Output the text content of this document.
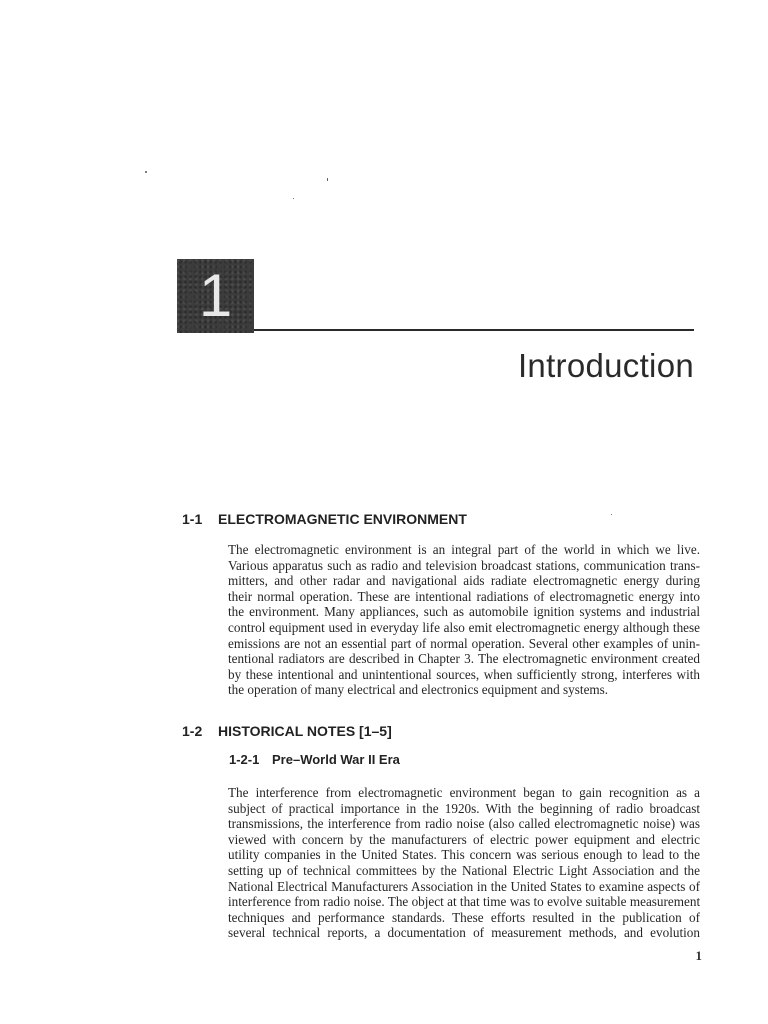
1
Introduction
1-1 ELECTROMAGNETIC ENVIRONMENT
The electromagnetic environment is an integral part of the world in which we live.
Various apparatus such as radio and television broadcast stations, communication trans-
mitters, and other radar and navigational aids radiate electromagnetic energy during
their normal operation. These are intentional radiations of electromagnetic energy into
the environment. Many appliances, such as automobile ignition systems and industrial
control equipment used in everyday life also emit electromagnetic energy although these
emissions are not an essential part of normal operation. Several other examples of unin-
tentional radiators are described in Chapter 3. The electromagnetic environment created
by these intentional and unintentional sources, when sufficiently strong, interferes with
the operation of many electrical and electronics equipment and systems.
1-2 HISTORICAL NOTES [1–5]
1-2-1 Pre–World War II Era
The interference from electromagnetic environment began to gain recognition as a
subject of practical importance in the 1920s. With the beginning of radio broadcast
transmissions, the interference from radio noise (also called electromagnetic noise) was
viewed with concern by the manufacturers of electric power equipment and electric
utility companies in the United States. This concern was serious enough to lead to the
setting up of technical committees by the National Electric Light Association and the
National Electrical Manufacturers Association in the United States to examine aspects of
interference from radio noise. The object at that time was to evolve suitable measurement
techniques and performance standards. These efforts resulted in the publication of
several technical reports, a documentation of measurement methods, and evolution
1
